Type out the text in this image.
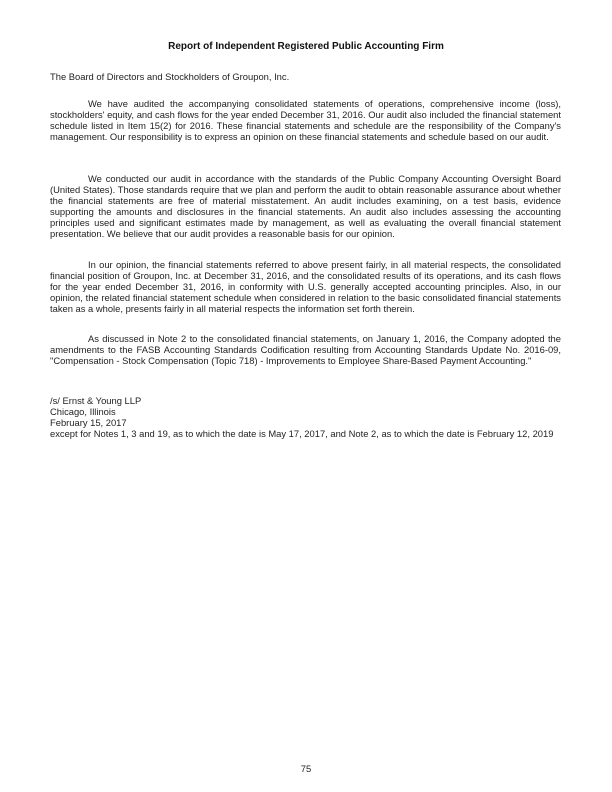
Report of Independent Registered Public Accounting Firm
The Board of Directors and Stockholders of Groupon, Inc.

We have audited the accompanying consolidated statements of operations, comprehensive income (loss), stockholders' equity, and cash flows for the year ended December 31, 2016. Our audit also included the financial statement schedule listed in Item 15(2) for 2016. These financial statements and schedule are the responsibility of the Company's management. Our responsibility is to express an opinion on these financial statements and schedule based on our audit.

We conducted our audit in accordance with the standards of the Public Company Accounting Oversight Board (United States). Those standards require that we plan and perform the audit to obtain reasonable assurance about whether the financial statements are free of material misstatement. An audit includes examining, on a test basis, evidence supporting the amounts and disclosures in the financial statements. An audit also includes assessing the accounting principles used and significant estimates made by management, as well as evaluating the overall financial statement presentation. We believe that our audit provides a reasonable basis for our opinion.

In our opinion, the financial statements referred to above present fairly, in all material respects, the consolidated financial position of Groupon, Inc. at December 31, 2016, and the consolidated results of its operations, and its cash flows for the year ended December 31, 2016, in conformity with U.S. generally accepted accounting principles. Also, in our opinion, the related financial statement schedule when considered in relation to the basic consolidated financial statements taken as a whole, presents fairly in all material respects the information set forth therein.

As discussed in Note 2 to the consolidated financial statements, on January 1, 2016, the Company adopted the amendments to the FASB Accounting Standards Codification resulting from Accounting Standards Update No. 2016-09, "Compensation - Stock Compensation (Topic 718) - Improvements to Employee Share-Based Payment Accounting."

/s/ Ernst & Young LLP
Chicago, Illinois
February 15, 2017
except for Notes 1, 3 and 19, as to which the date is May 17, 2017, and Note 2, as to which the date is February 12, 2019
75
